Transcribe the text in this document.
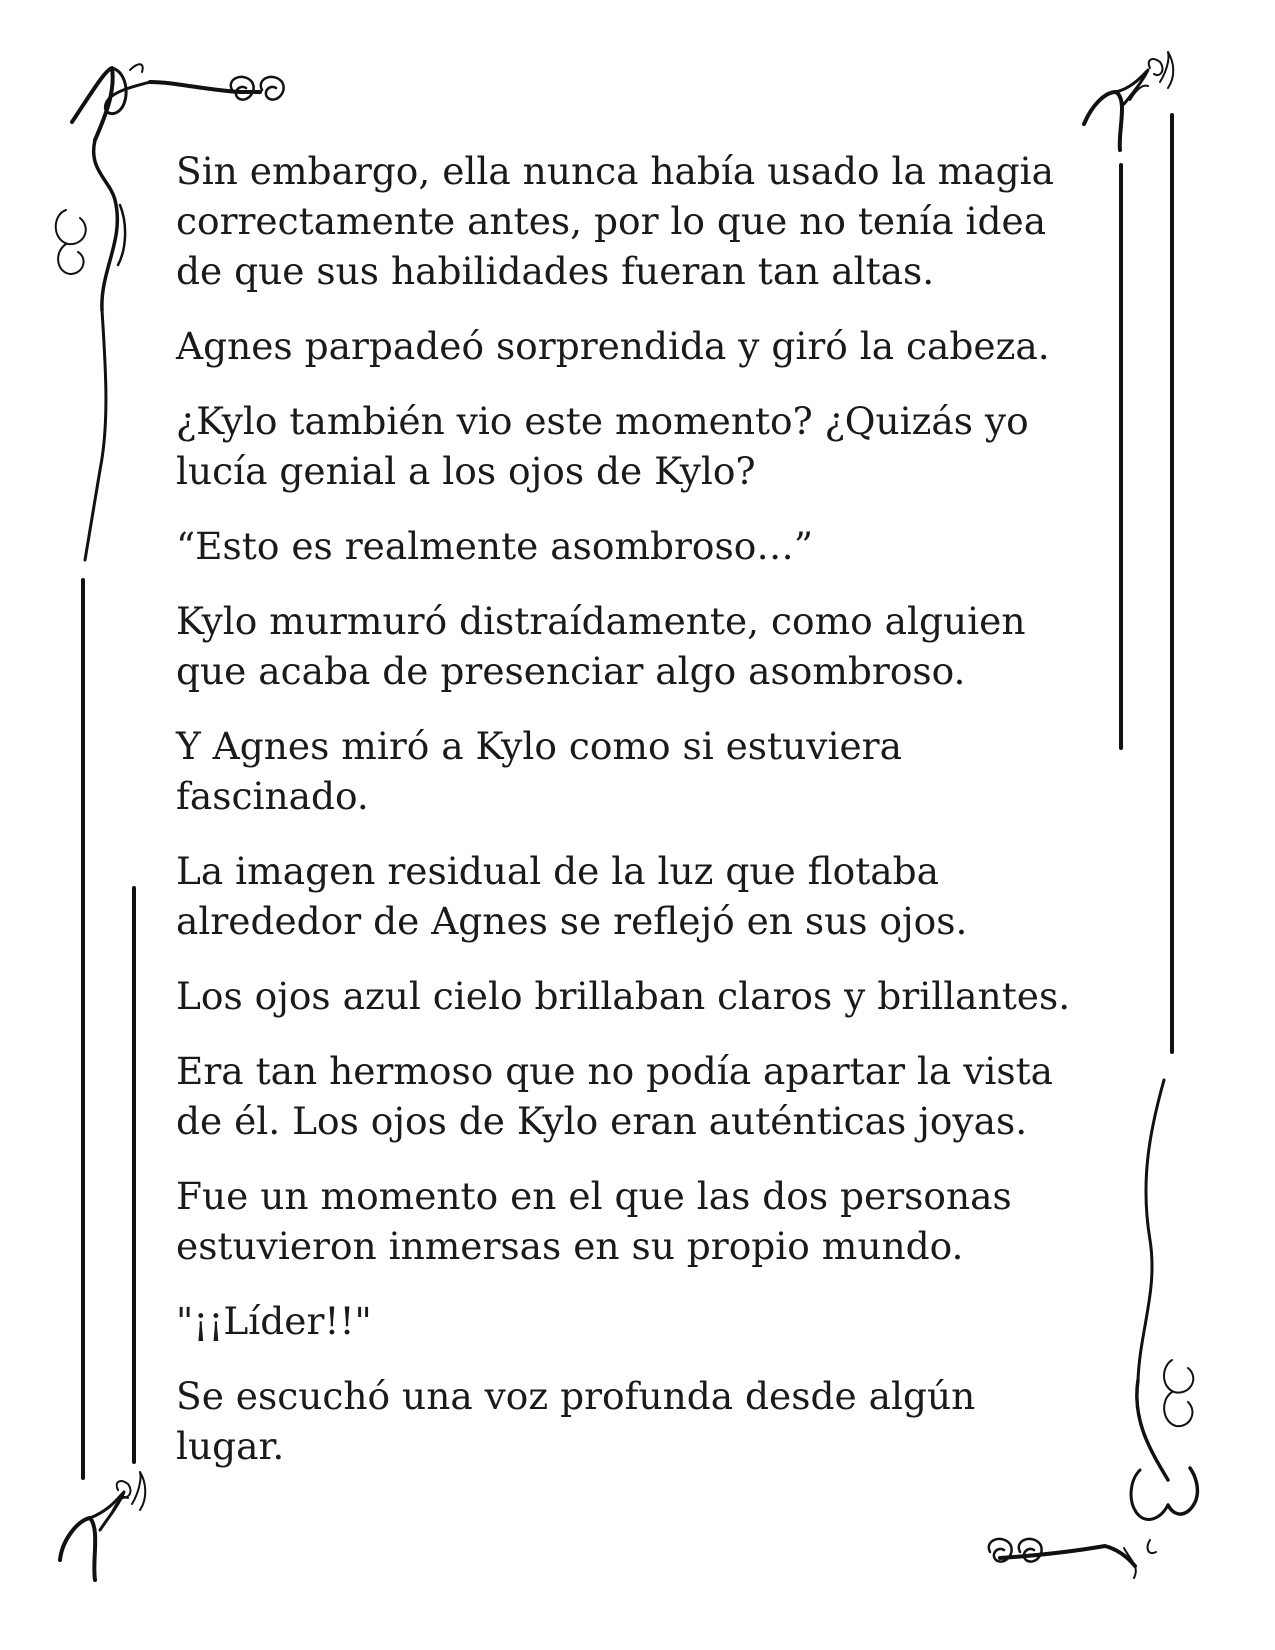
Sin embargo, ella nunca había usado la magia
correctamente antes, por lo que no tenía idea
de que sus habilidades fueran tan altas.

Agnes parpadeó sorprendida y giró la cabeza.

¿Kylo también vio este momento? ¿Quizás yo
lucía genial a los ojos de Kylo?

“Esto es realmente asombroso…”

Kylo murmuró distraídamente, como alguien
que acaba de presenciar algo asombroso.

Y Agnes miró a Kylo como si estuviera
fascinado.

La imagen residual de la luz que flotaba
alrededor de Agnes se reflejó en sus ojos.

Los ojos azul cielo brillaban claros y brillantes.

Era tan hermoso que no podía apartar la vista
de él. Los ojos de Kylo eran auténticas joyas.

Fue un momento en el que las dos personas
estuvieron inmersas en su propio mundo.

"¡¡Líder!!"

Se escuchó una voz profunda desde algún
lugar.
